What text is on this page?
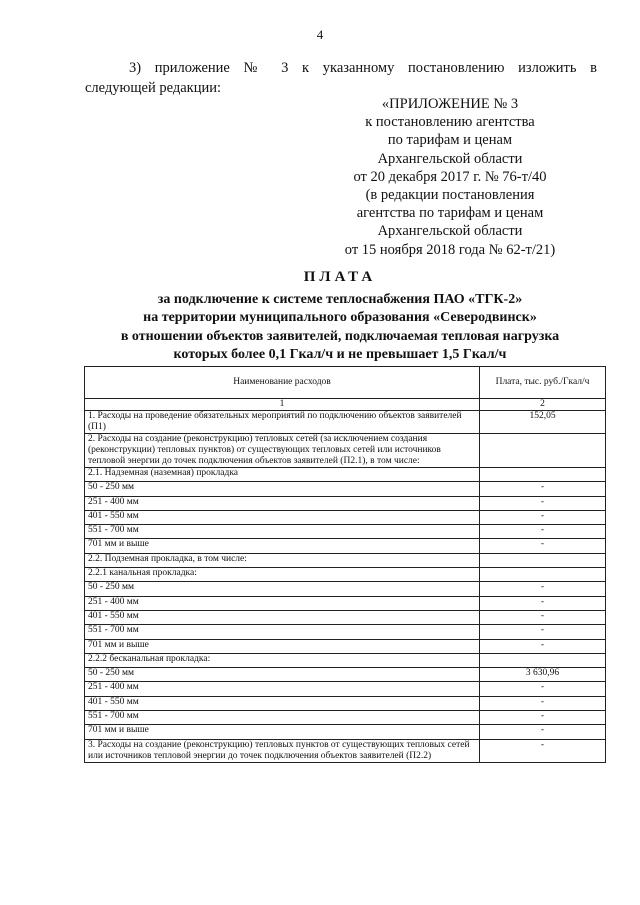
4
3) приложение № 3 к указанному постановлению изложить в
следующей редакции:
«ПРИЛОЖЕНИЕ № 3
к постановлению агентства
по тарифам и ценам
Архангельской области
от 20 декабря 2017 г. № 76-т/40
(в редакции постановления
агентства по тарифам и ценам
Архангельской области
от 15 ноября 2018 года № 62-т/21)
ПЛАТА
за подключение к системе теплоснабжения ПАО «ТГК-2»
на территории муниципального образования «Северодвинск»
в отношении объектов заявителей, подключаемая тепловая нагрузка
которых более 0,1 Гкал/ч и не превышает 1,5 Гкал/ч
Наименование расходов	Плата, тыс. руб./Гкал/ч
1	2
1. Расходы на проведение обязательных мероприятий по подключению объектов заявителей (П1)	152,05
2. Расходы на создание (реконструкцию) тепловых сетей (за исключением создания (реконструкции) тепловых пунктов) от существующих тепловых сетей или источников тепловой энергии до точек подключения объектов заявителей (П2.1), в том числе:	
2.1. Надземная (наземная) прокладка	
50 - 250 мм	-
251 - 400 мм	-
401 - 550 мм	-
551 - 700 мм	-
701 мм и выше	-
2.2. Подземная прокладка, в том числе:	
2.2.1 канальная прокладка:	
50 - 250 мм	-
251 - 400 мм	-
401 - 550 мм	-
551 - 700 мм	-
701 мм и выше	-
2.2.2 бесканальная прокладка:	
50 - 250 мм	3 630,96
251 - 400 мм	-
401 - 550 мм	-
551 - 700 мм	-
701 мм и выше	-
3. Расходы на создание (реконструкцию) тепловых пунктов от существующих тепловых сетей или источников тепловой энергии до точек подключения объектов заявителей (П2.2)	-
